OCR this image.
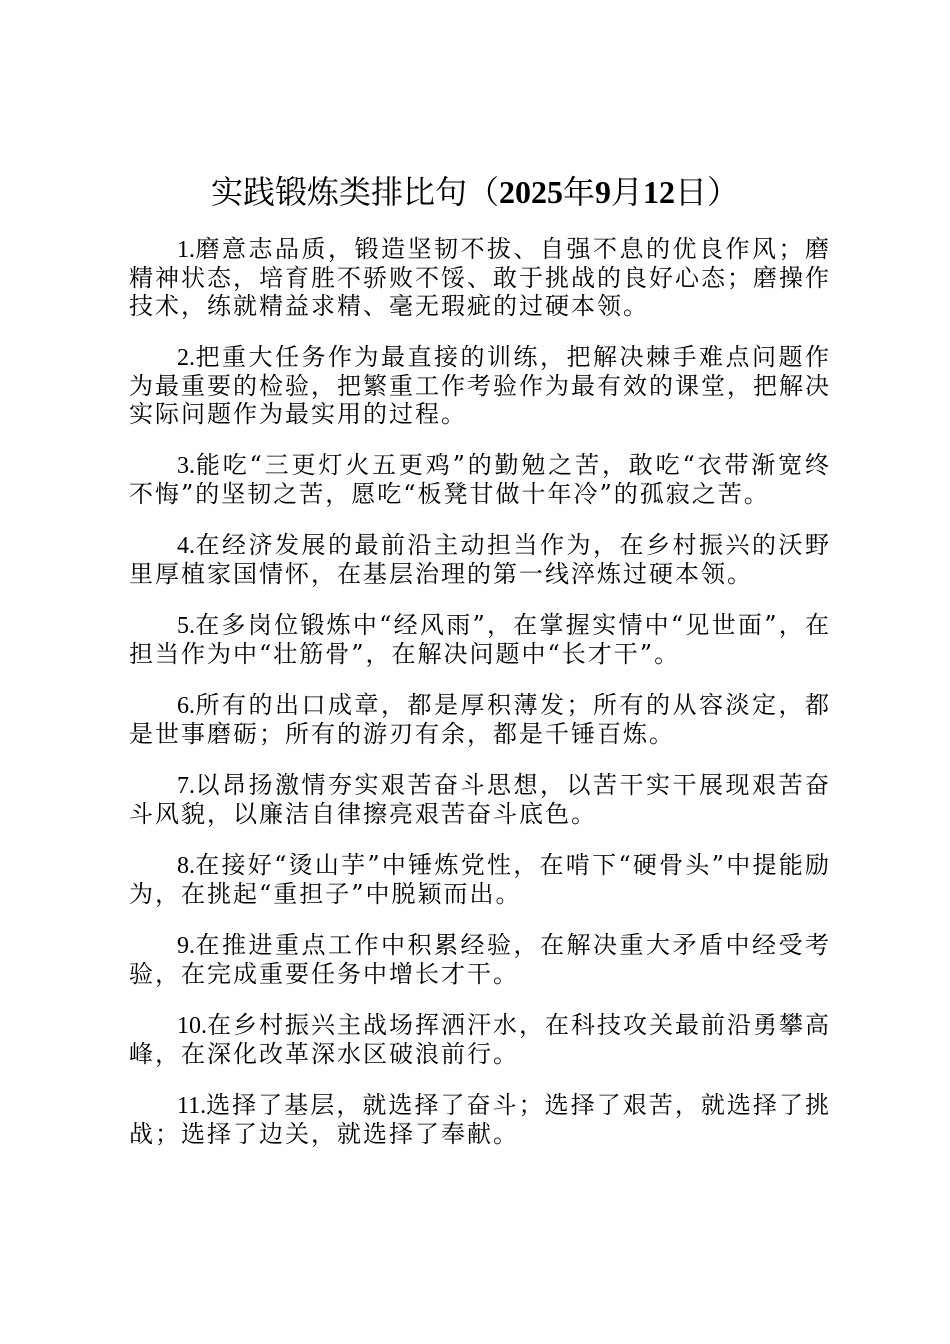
实践锻炼类排比句（2025年9月12日）

1.磨意志品质，锻造坚韧不拔、自强不息的优良作风；磨精神状态，培育胜不骄败不馁、敢于挑战的良好心态；磨操作技术，练就精益求精、毫无瑕疵的过硬本领。

2.把重大任务作为最直接的训练，把解决棘手难点问题作为最重要的检验，把繁重工作考验作为最有效的课堂，把解决实际问题作为最实用的过程。

3.能吃“三更灯火五更鸡”的勤勉之苦，敢吃“衣带渐宽终不悔”的坚韧之苦，愿吃“板凳甘做十年冷”的孤寂之苦。

4.在经济发展的最前沿主动担当作为，在乡村振兴的沃野里厚植家国情怀，在基层治理的第一线淬炼过硬本领。

5.在多岗位锻炼中“经风雨”，在掌握实情中“见世面”，在担当作为中“壮筋骨”，在解决问题中“长才干”。

6.所有的出口成章，都是厚积薄发；所有的从容淡定，都是世事磨砺；所有的游刃有余，都是千锤百炼。

7.以昂扬激情夯实艰苦奋斗思想，以苦干实干展现艰苦奋斗风貌，以廉洁自律擦亮艰苦奋斗底色。

8.在接好“烫山芋”中锤炼党性，在啃下“硬骨头”中提能励为，在挑起“重担子”中脱颖而出。

9.在推进重点工作中积累经验，在解决重大矛盾中经受考验，在完成重要任务中增长才干。

10.在乡村振兴主战场挥洒汗水，在科技攻关最前沿勇攀高峰，在深化改革深水区破浪前行。

11.选择了基层，就选择了奋斗；选择了艰苦，就选择了挑战；选择了边关，就选择了奉献。
